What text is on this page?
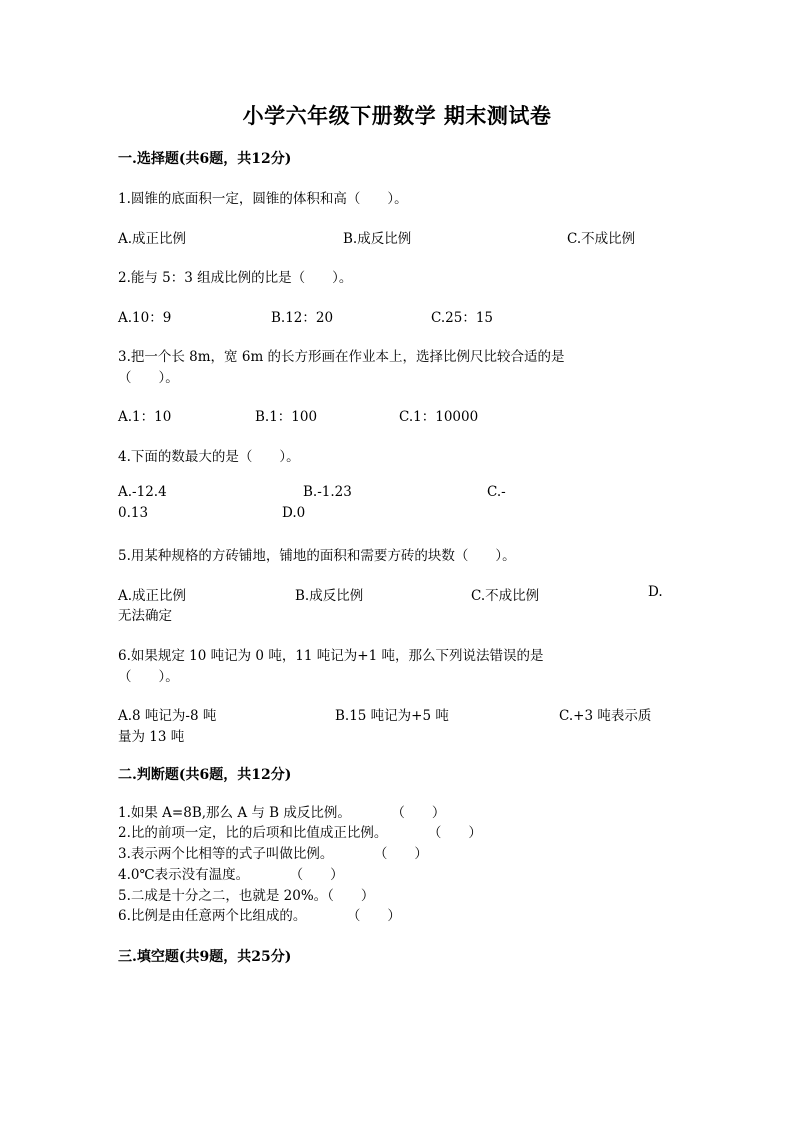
小学六年级下册数学 期末测试卷
一.选择题(共6题，共12分)
1.圆锥的底面积一定，圆锥的体积和高（　　）。
A.成正比例	B.成反比例	C.不成比例
2.能与 5：3 组成比例的比是（　　）。
A.10：9	B.12：20	C.25：15
3.把一个长 8m，宽 6m 的长方形画在作业本上，选择比例尺比较合适的是
（　　）。
A.1：10	B.1：100	C.1：10000
4.下面的数最大的是（　　）。
A.-12.4	B.-1.23	C.-
0.13	D.0
5.用某种规格的方砖铺地，铺地的面积和需要方砖的块数（　　）。
A.成正比例	B.成反比例	C.不成比例	D.
无法确定
6.如果规定 10 吨记为 0 吨，11 吨记为+1 吨，那么下列说法错误的是
（　　）。
A.8 吨记为-8 吨	B.15 吨记为+5 吨	C.+3 吨表示质
量为 13 吨
二.判断题(共6题，共12分)
1.如果 A=8B,那么 A 与 B 成反比例。　　　　（　　）
2.比的前项一定，比的后项和比值成正比例。　　　　（　　）
3.表示两个比相等的式子叫做比例。　　　　（　　）
4.0℃表示没有温度。　　　　（　　）
5.二成是十分之二，也就是 20%。（　　）
6.比例是由任意两个比组成的。　　　　（　　）
三.填空题(共9题，共25分)
